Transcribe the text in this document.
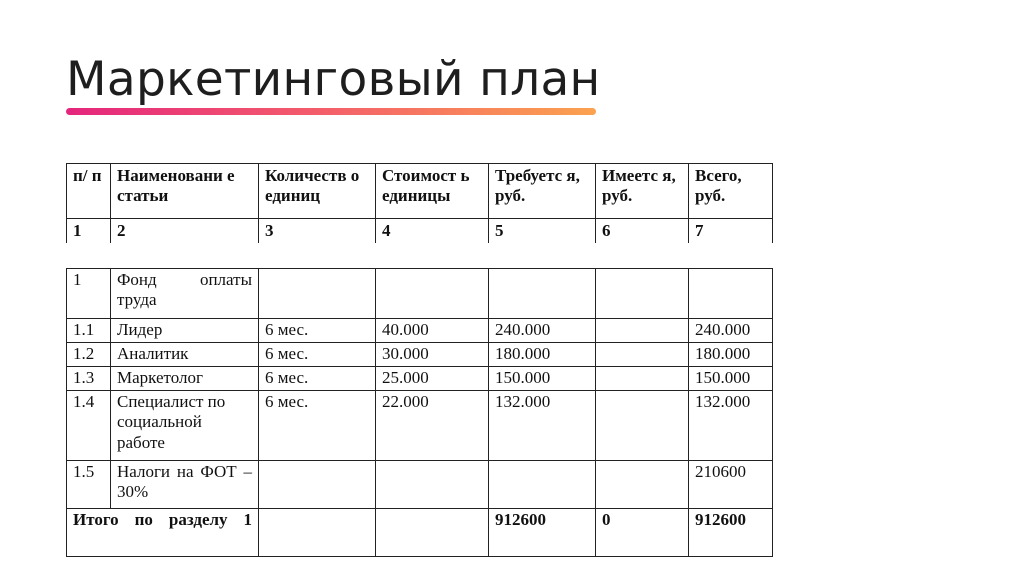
Маркетинговый план
п/ п	Наименовани е статьи	Количеств о единиц	Стоимост ь единицы	Требуетс я, руб.	Имеетс я, руб.	Всего, руб.
1	2	3	4	5	6	7
1	Фонд оплаты труда					
1.1	Лидер	6 мес.	40.000	240.000		240.000
1.2	Аналитик	6 мес.	30.000	180.000		180.000
1.3	Маркетолог	6 мес.	25.000	150.000		150.000
1.4	Специалист по социальной работе	6 мес.	22.000	132.000		132.000
1.5	Налоги на ФОТ – 30%					210600
Итого по разделу 1				912600	0	912600
